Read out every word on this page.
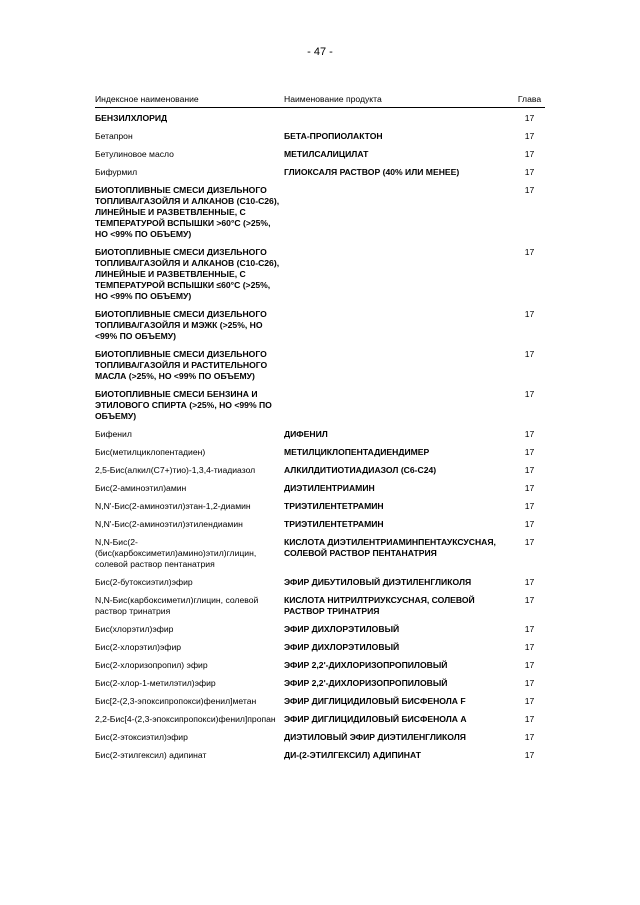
- 47 -
Индексное наименование	Наименование продукта	Глава
БЕНЗИЛХЛОРИД		17
Бетапрон	БЕТА-ПРОПИОЛАКТОН	17
Бетулиновое масло	МЕТИЛСАЛИЦИЛАТ	17
Бифурмил	ГЛИОКСАЛЯ РАСТВОР (40% ИЛИ МЕНЕЕ)	17
БИОТОПЛИВНЫЕ СМЕСИ ДИЗЕЛЬНОГО ТОПЛИВА/ГАЗОЙЛЯ И АЛКАНОВ (С10-С26), ЛИНЕЙНЫЕ И РАЗВЕТВЛЕННЫЕ, С ТЕМПЕРАТУРОЙ ВСПЫШКИ >60°С (>25%, НО <99% ПО ОБЪЕМУ)		17
БИОТОПЛИВНЫЕ СМЕСИ ДИЗЕЛЬНОГО ТОПЛИВА/ГАЗОЙЛЯ И АЛКАНОВ (С10-С26), ЛИНЕЙНЫЕ И РАЗВЕТВЛЕННЫЕ, С ТЕМПЕРАТУРОЙ ВСПЫШКИ ≤60°С (>25%, НО <99% ПО ОБЪЕМУ)		17
БИОТОПЛИВНЫЕ СМЕСИ ДИЗЕЛЬНОГО ТОПЛИВА/ГАЗОЙЛЯ И МЭЖК (>25%, НО <99% ПО ОБЪЕМУ)		17
БИОТОПЛИВНЫЕ СМЕСИ ДИЗЕЛЬНОГО ТОПЛИВА/ГАЗОЙЛЯ И РАСТИТЕЛЬНОГО МАСЛА (>25%, НО <99% ПО ОБЪЕМУ)		17
БИОТОПЛИВНЫЕ СМЕСИ БЕНЗИНА И ЭТИЛОВОГО СПИРТА (>25%, НО <99% ПО ОБЪЕМУ)		17
Бифенил	ДИФЕНИЛ	17
Бис(метилциклопентадиен)	МЕТИЛЦИКЛОПЕНТАДИЕНДИМЕР	17
2,5-Бис(алкил(С7+)тио)-1,3,4-тиадиазол	АЛКИЛДИТИОТИАДИАЗОЛ (С6-С24)	17
Бис(2-аминоэтил)амин	ДИЭТИЛЕНТРИАМИН	17
N,N'-Бис(2-аминоэтил)этан-1,2-диамин	ТРИЭТИЛЕНТЕТРАМИН	17
N,N'-Бис(2-аминоэтил)этилендиамин	ТРИЭТИЛЕНТЕТРАМИН	17
N,N-Бис(2-(бис(карбоксиметил)амино)этил)глицин, солевой раствор пентанатрия	КИСЛОТА ДИЭТИЛЕНТРИАМИНПЕНТАУКСУСНАЯ, СОЛЕВОЙ РАСТВОР ПЕНТАНАТРИЯ	17
Бис(2-бутоксиэтил)эфир	ЭФИР ДИБУТИЛОВЫЙ ДИЭТИЛЕНГЛИКОЛЯ	17
N,N-Бис(карбоксиметил)глицин, солевой раствор тринатрия	КИСЛОТА НИТРИЛТРИУКСУСНАЯ, СОЛЕВОЙ РАСТВОР ТРИНАТРИЯ	17
Бис(хлорэтил)эфир	ЭФИР ДИХЛОРЭТИЛОВЫЙ	17
Бис(2-хлорэтил)эфир	ЭФИР ДИХЛОРЭТИЛОВЫЙ	17
Бис(2-хлоризопропил) эфир	ЭФИР 2,2'-ДИХЛОРИЗОПРОПИЛОВЫЙ	17
Бис(2-хлор-1-метилэтил)эфир	ЭФИР 2,2'-ДИХЛОРИЗОПРОПИЛОВЫЙ	17
Бис[2-(2,3-эпоксипропокси)фенил]метан	ЭФИР ДИГЛИЦИДИЛОВЫЙ БИСФЕНОЛА F	17
2,2-Бис[4-(2,3-эпоксипропокси)фенил]пропан	ЭФИР ДИГЛИЦИДИЛОВЫЙ БИСФЕНОЛА А	17
Бис(2-этоксиэтил)эфир	ДИЭТИЛОВЫЙ ЭФИР ДИЭТИЛЕНГЛИКОЛЯ	17
Бис(2-этилгексил) адипинат	ДИ-(2-ЭТИЛГЕКСИЛ) АДИПИНАТ	17
